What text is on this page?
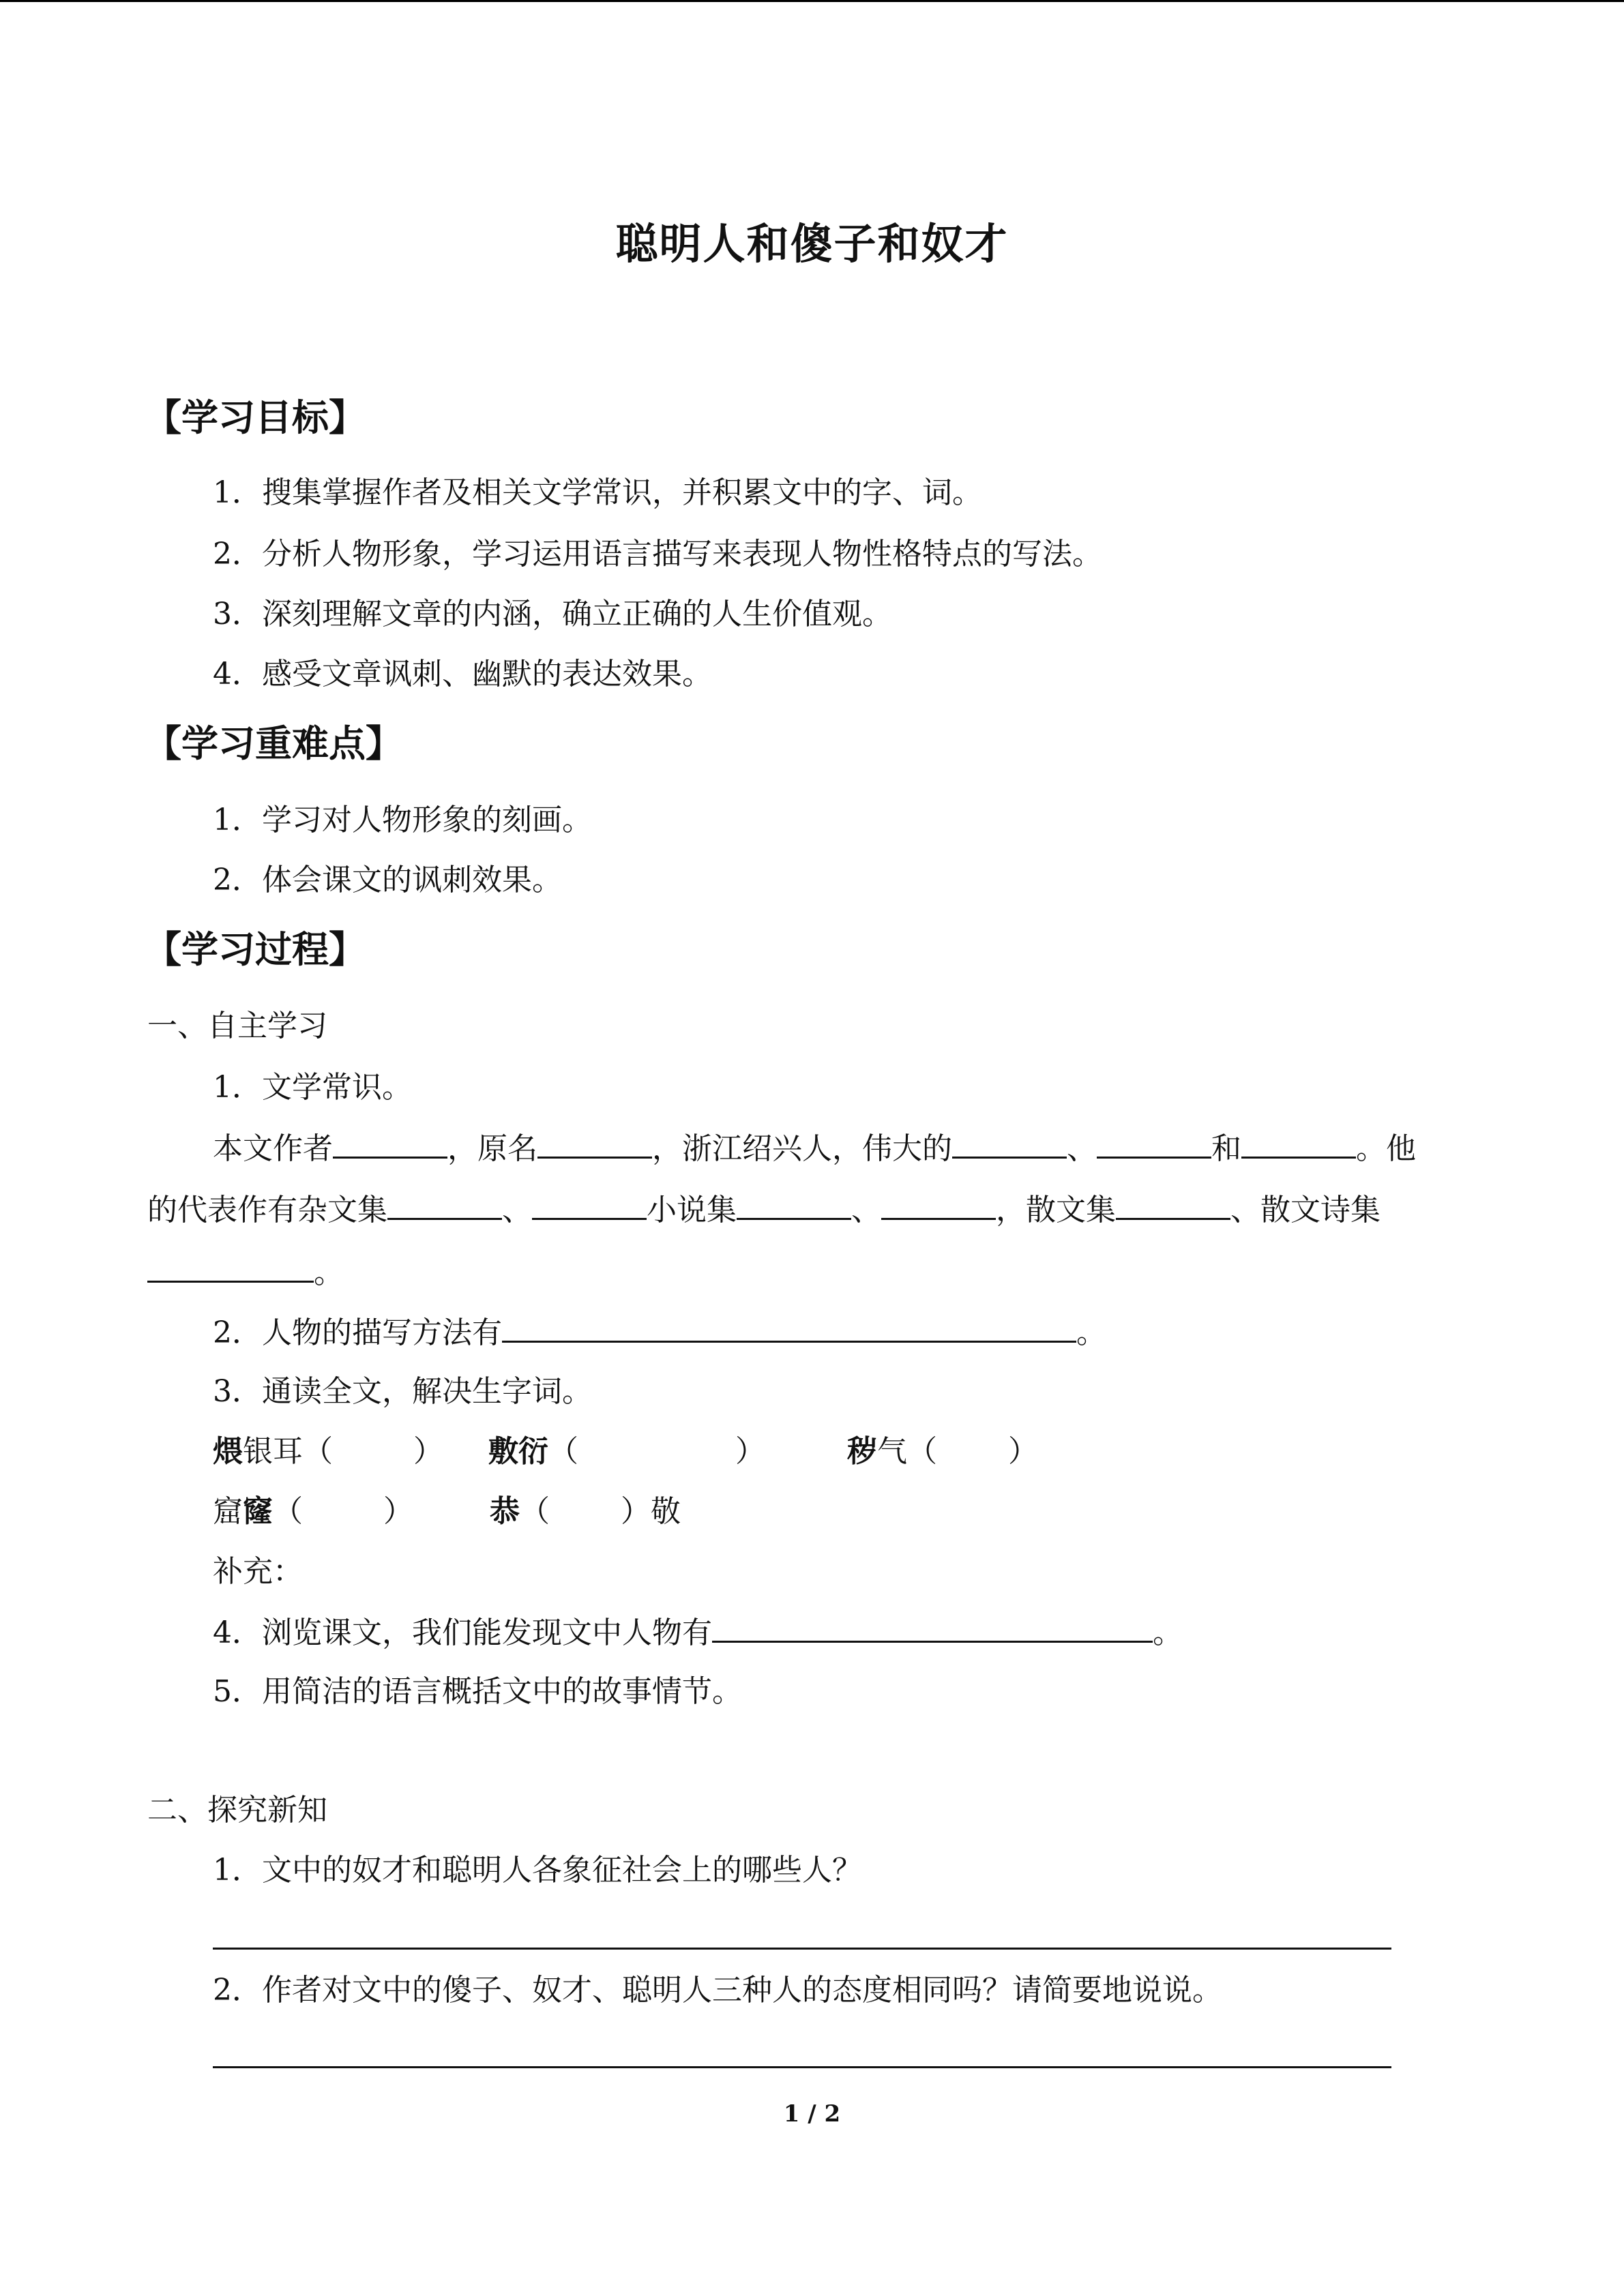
聪明人和傻子和奴才
【学习目标】
1．搜集掌握作者及相关文学常识，并积累文中的字、词。
2．分析人物形象，学习运用语言描写来表现人物性格特点的写法。
3．深刻理解文章的内涵，确立正确的人生价值观。
4．感受文章讽刺、幽默的表达效果。
【学习重难点】
1．学习对人物形象的刻画。
2．体会课文的讽刺效果。
【学习过程】
一、自主学习
1．文学常识。
本文作者	，原名	，浙江绍兴人，伟大的	、	和	。他
的代表作有杂文集	、	小说集	、	，散文集	、散文诗集
。
2．人物的描写方法有	。
3．通读全文，解决生字词。
煨银耳（	） 敷衍（	）	秽气（ ）
窟窿（	）	恭（ ）敬
补充：
4．浏览课文，我们能发现文中人物有	。
5．用简洁的语言概括文中的故事情节。
二、探究新知
1．文中的奴才和聪明人各象征社会上的哪些人？
2．作者对文中的傻子、奴才、聪明人三种人的态度相同吗？请简要地说说。
1 / 2
